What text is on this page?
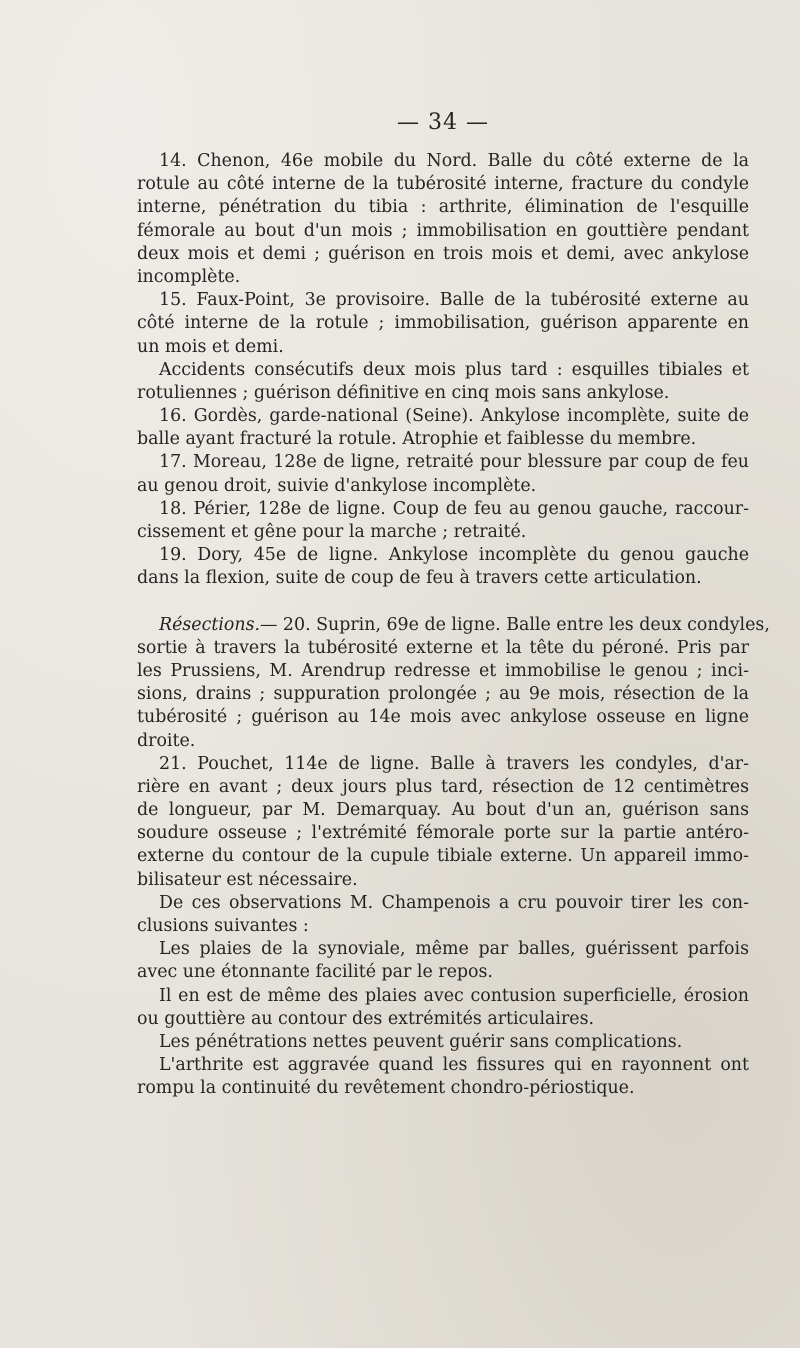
— 34 —
14. Chenon, 46e mobile du Nord. Balle du côté externe de la
rotule au côté interne de la tubérosité interne, fracture du condyle
interne, pénétration du tibia : arthrite, élimination de l'esquille
fémorale au bout d'un mois ; immobilisation en gouttière pendant
deux mois et demi ; guérison en trois mois et demi, avec ankylose
incomplète.
15. Faux-Point, 3e provisoire. Balle de la tubérosité externe au
côté interne de la rotule ; immobilisation, guérison apparente en
un mois et demi.
Accidents consécutifs deux mois plus tard : esquilles tibiales et
rotuliennes ; guérison définitive en cinq mois sans ankylose.
16. Gordès, garde-national (Seine). Ankylose incomplète, suite de
balle ayant fracturé la rotule. Atrophie et faiblesse du membre.
17. Moreau, 128e de ligne, retraité pour blessure par coup de feu
au genou droit, suivie d'ankylose incomplète.
18. Périer, 128e de ligne. Coup de feu au genou gauche, raccour-
cissement et gêne pour la marche ; retraité.
19. Dory, 45e de ligne. Ankylose incomplète du genou gauche
dans la flexion, suite de coup de feu à travers cette articulation.
Résections.— 20. Suprin, 69e de ligne. Balle entre les deux condyles,
sortie à travers la tubérosité externe et la tête du péroné. Pris par
les Prussiens, M. Arendrup redresse et immobilise le genou ; inci-
sions, drains ; suppuration prolongée ; au 9e mois, résection de la
tubérosité ; guérison au 14e mois avec ankylose osseuse en ligne
droite.
21. Pouchet, 114e de ligne. Balle à travers les condyles, d'ar-
rière en avant ; deux jours plus tard, résection de 12 centimètres
de longueur, par M. Demarquay. Au bout d'un an, guérison sans
soudure osseuse ; l'extrémité fémorale porte sur la partie antéro-
externe du contour de la cupule tibiale externe. Un appareil immo-
bilisateur est nécessaire.
De ces observations M. Champenois a cru pouvoir tirer les con-
clusions suivantes :
Les plaies de la synoviale, même par balles, guérissent parfois
avec une étonnante facilité par le repos.
Il en est de même des plaies avec contusion superficielle, érosion
ou gouttière au contour des extrémités articulaires.
Les pénétrations nettes peuvent guérir sans complications.
L'arthrite est aggravée quand les fissures qui en rayonnent ont
rompu la continuité du revêtement chondro-périostique.
